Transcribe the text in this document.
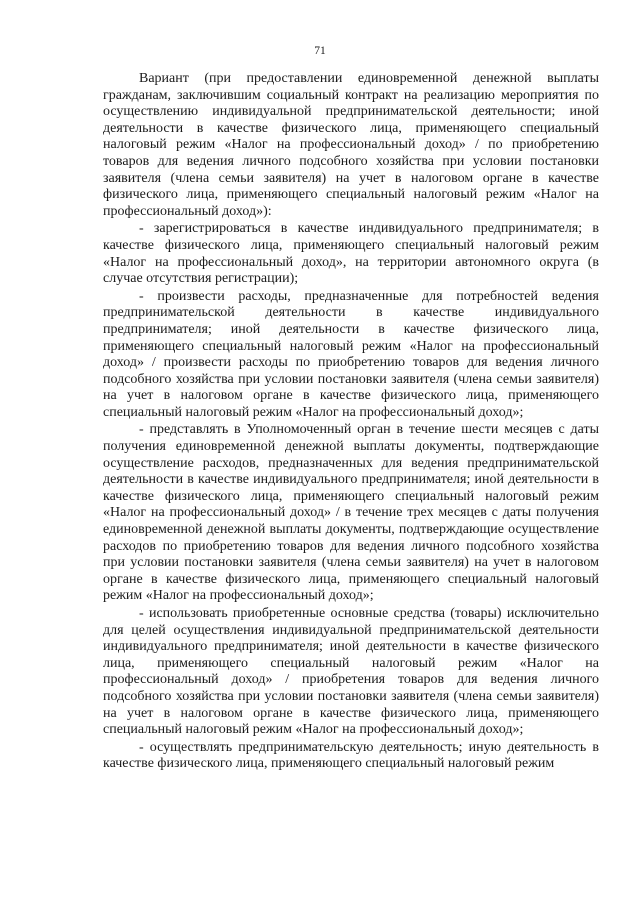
71

Вариант (при предоставлении единовременной денежной выплаты гражданам, заключившим социальный контракт на реализацию мероприятия по осуществлению индивидуальной предпринимательской деятельности; иной деятельности в качестве физического лица, применяющего специальный налоговый режим «Налог на профессиональный доход» / по приобретению товаров для ведения личного подсобного хозяйства при условии постановки заявителя (члена семьи заявителя) на учет в налоговом органе в качестве физического лица, применяющего специальный налоговый режим «Налог на профессиональный доход»):

- зарегистрироваться в качестве индивидуального предпринимателя; в качестве физического лица, применяющего специальный налоговый режим «Налог на профессиональный доход», на территории автономного округа (в случае отсутствия регистрации);

- произвести расходы, предназначенные для потребностей ведения предпринимательской деятельности в качестве индивидуального предпринимателя; иной деятельности в качестве физического лица, применяющего специальный налоговый режим «Налог на профессиональный доход» / произвести расходы по приобретению товаров для ведения личного подсобного хозяйства при условии постановки заявителя (члена семьи заявителя) на учет в налоговом органе в качестве физического лица, применяющего специальный налоговый режим «Налог на профессиональный доход»;

- представлять в Уполномоченный орган в течение шести месяцев с даты получения единовременной денежной выплаты документы, подтверждающие осуществление расходов, предназначенных для ведения предпринимательской деятельности в качестве индивидуального предпринимателя; иной деятельности в качестве физического лица, применяющего специальный налоговый режим «Налог на профессиональный доход» / в течение трех месяцев с даты получения единовременной денежной выплаты документы, подтверждающие осуществление расходов по приобретению товаров для ведения личного подсобного хозяйства при условии постановки заявителя (члена семьи заявителя) на учет в налоговом органе в качестве физического лица, применяющего специальный налоговый режим «Налог на профессиональный доход»;

- использовать приобретенные основные средства (товары) исключительно для целей осуществления индивидуальной предпринимательской деятельности индивидуального предпринимателя; иной деятельности в качестве физического лица, применяющего специальный налоговый режим «Налог на профессиональный доход» / приобретения товаров для ведения личного подсобного хозяйства при условии постановки заявителя (члена семьи заявителя) на учет в налоговом органе в качестве физического лица, применяющего специальный налоговый режим «Налог на профессиональный доход»;

- осуществлять предпринимательскую деятельность; иную деятельность в качестве физического лица, применяющего специальный налоговый режим
